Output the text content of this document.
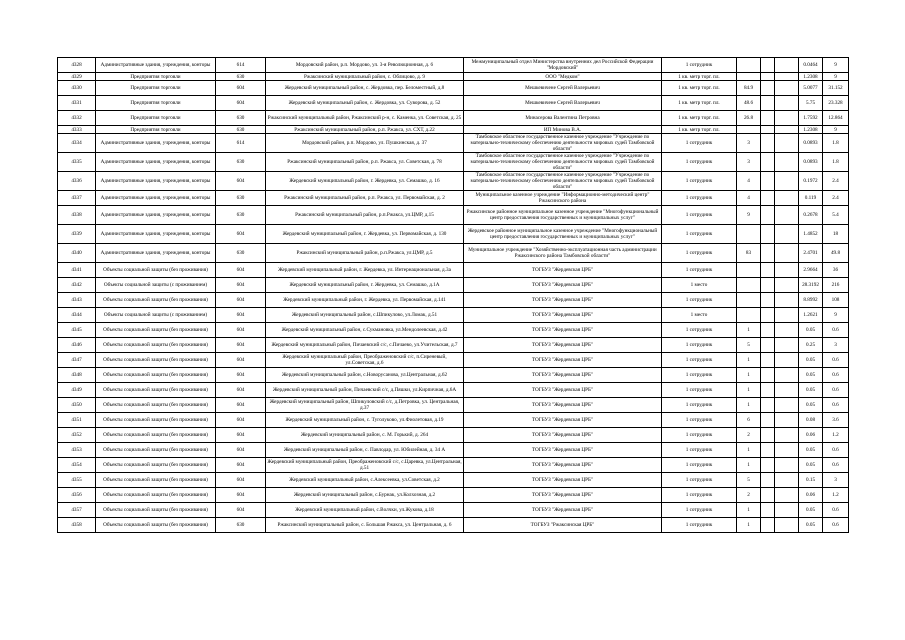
4328	Административные здания, учреждения, конторы	614	Мордовский район, р.п. Мордово, ул. 3-я Революционная, д. 6	Межмуниципальный отдел Министерства внутренних дел Российской Федерации "Мордовский"	1 сотрудник				0.0464	9
4329	Предприятия торговли	630	Ржаксинский муниципальный район, с. Облицово, д. 9	ООО "Медком"	1 кв. метр торг. пл.				1.2308	9
4330	Предприятия торговли	604	Жердевский муниципальный район, с. Жердовка, пер. Беломестный, д.8	Мешкевичене Сергей Валерьевич	1 кв. метр торг. пл.	84.9			5.0077	31.152
4331	Предприятия торговли	604	Жердевский муниципальный район, с. Жердовка, ул. Суворова, д. 52	Мешкевичене Сергей Валерьевич	1 кв. метр торг. пл.	48.6			5.75	23.328
4332	Предприятия торговли	630	Ржаксинский муниципальный район, Ржаксинский р-н, с. Каменка, ул. Советская, д. 25	Минасерова Валентина Петровна	1 кв. метр торг. пл.	26.8			1.7592	12.864
4333	Предприятия торговли	630	Ржаксинский муниципальный район, р.п. Ржакса, ул. СХТ, д.22	ИП Минова В.А.	1 кв. метр торг. пл.				1.2308	9
4334	Административные здания, учреждения, конторы	614	Мордовский район, р.п. Мордово, ул. Пушкинская, д. 37	Тамбовское областное государственное казенное учреждение "Учреждение по материально-техническому обеспечению деятельности мировых судей Тамбовской области"	1 сотрудник	3			0.0893	1.8
4335	Административные здания, учреждения, конторы	630	Ржаксинский муниципальный район, р.п. Ржакса, ул. Советская, д. 78	Тамбовское областное государственное казенное учреждение "Учреждение по материально-техническому обеспечению деятельности мировых судей Тамбовской области"	1 сотрудник	3			0.0893	1.8
4336	Административные здания, учреждения, конторы	604	Жердевский муниципальный район, г. Жердевка, ул. Семашко, д. 16	Тамбовское областное государственное казенное учреждение "Учреждение по материально-техническому обеспечению деятельности мировых судей Тамбовской области"	1 сотрудник	4			0.1972	2.4
4337	Административные здания, учреждения, конторы	630	Ржаксинский муниципальный район, р.п. Ржакса, ул. Первомайская, д. 2	Муниципальное казенное учреждение "Информационно-методический центр" Ржаксинского района	1 сотрудник	4			0.119	2.4
4338	Административные здания, учреждения, конторы	630	Ржаксинский муниципальный район, р.п.Ржакса, ул.ЦМР, д.15	Ржаксинское районное муниципальное казенное учреждение "Многофункциональный центр предоставления государственных и муниципальных услуг"	1 сотрудник	9			0.2678	5.4
4339	Административные здания, учреждения, конторы	604	Жердевский муниципальный район, г. Жердевка, ул. Первомайская, д. 130	Жердевское районное муниципальное казенное учреждение "Многофункциональный центр предоставления государственных и муниципальных услуг"	1 сотрудник				1.4852	18
4340	Административные здания, учреждения, конторы	630	Ржаксинский муниципальный район, р.п.Ржакса, ул.ЦМР, д.5	Муниципальное учреждение "Хозяйственно-эксплуатационная часть администрации Ржаксинского района Тамбовской области"	1 сотрудник	83			2.4701	49.8
4341	Объекты социальной защиты (без проживания)	604	Жердевский муниципальный район, г. Жердевка, ул. Интернациональная, д.3а	ТОГБУЗ "Жердевская ЦРБ"	1 сотрудник				2.9664	36
4342	Объекты социальной защиты (с проживанием)	604	Жердевский муниципальный район, г. Жердевка, ул. Семашко, д.1А	ТОГБУЗ "Жердевская ЦРБ"	1 место				28.3192	216
4343	Объекты социальной защиты (без проживания)	604	Жердевский муниципальный район, г. Жердевка, ул. Первомайская, д.141	ТОГБУЗ "Жердевская ЦРБ"	1 сотрудник				8.8992	108
4344	Объекты социальной защиты (с проживанием)	604	Жердевский муниципальный район, с.Шпикулово, ул.Ломак, д.51	ТОГБУЗ "Жердевская ЦРБ"	1 место				1.2621	9
4345	Объекты социальной защиты (без проживания)	604	Жердевский муниципальный район, с.Сукмановка, ул.Мендолеевская, д.42	ТОГБУЗ "Жердевская ЦРБ"	1 сотрудник	1			0.05	0.6
4346	Объекты социальной защиты (без проживания)	604	Жердевский муниципальный район, Пичаевский с/с, с.Пичаево, ул.Учительская, д.7	ТОГБУЗ "Жердевская ЦРБ"	1 сотрудник	5			0.25	3
4347	Объекты социальной защиты (без проживания)	604	Жердевский муниципальный район, Преображеновский с/с, п.Сиреневый, ул.Советская, д.6	ТОГБУЗ "Жердевская ЦРБ"	1 сотрудник	1			0.05	0.6
4348	Объекты социальной защиты (без проживания)	604	Жердевский муниципальный район, с.Новорусанова, ул.Центральная, д.62	ТОГБУЗ "Жердевская ЦРБ"	1 сотрудник	1			0.05	0.6
4349	Объекты социальной защиты (без проживания)	604	Жердевский муниципальный район, Пичаевский с/с, д.Пяшки, ул.Кирпичная, д.6А	ТОГБУЗ "Жердевская ЦРБ"	1 сотрудник	1			0.05	0.6
4350	Объекты социальной защиты (без проживания)	604	Жердевский муниципальный район, Шпикуловский с/с, д.Петровка, ул. Центральная, д.37	ТОГБУЗ "Жердевская ЦРБ"	1 сотрудник	1			0.05	0.6
4351	Объекты социальной защиты (без проживания)	604	Жердевский муниципальный район, с. Туголуково, ул.Фиолетовая, д.19	ТОГБУЗ "Жердевская ЦРБ"	1 сотрудник	6			0.08	3.6
4352	Объекты социальной защиты (без проживания)	604	Жердевский муниципальный район, с. М. Горький, д. 264	ТОГБУЗ "Жердевская ЦРБ"	1 сотрудник	2			0.06	1.2
4353	Объекты социальной защиты (без проживания)	604	Жердевский муниципальный район, с. Павлодар, ул. Юбилейная, д. 34 А	ТОГБУЗ "Жердевская ЦРБ"	1 сотрудник	1			0.05	0.6
4354	Объекты социальной защиты (без проживания)	604	Жердевский муниципальный район, Преображеновский с/с, с.Царевка, ул.Центральная, д.51	ТОГБУЗ "Жердевская ЦРБ"	1 сотрудник	1			0.05	0.6
4355	Объекты социальной защиты (без проживания)	604	Жердевский муниципальный район, с.Алексеевка, ул.Советская, д.2	ТОГБУЗ "Жердевская ЦРБ"	1 сотрудник	5			0.15	3
4356	Объекты социальной защиты (без проживания)	604	Жердевский муниципальный район, с.Бурнак, ул.Колхозная, д.2	ТОГБУЗ "Жердевская ЦРБ"	1 сотрудник	2			0.06	1.2
4357	Объекты социальной защиты (без проживания)	604	Жердевский муниципальный район, с.Волчки, ул.Жукова, д.18	ТОГБУЗ "Жердевская ЦРБ"	1 сотрудник	1			0.05	0.6
4358	Объекты социальной защиты (без проживания)	630	Ржаксинский муниципальный район, с. Большая Ржакса, ул. Центральная, д. 6	ТОГБУЗ "Ржаксинская ЦРБ"	1 сотрудник	1			0.05	0.6
